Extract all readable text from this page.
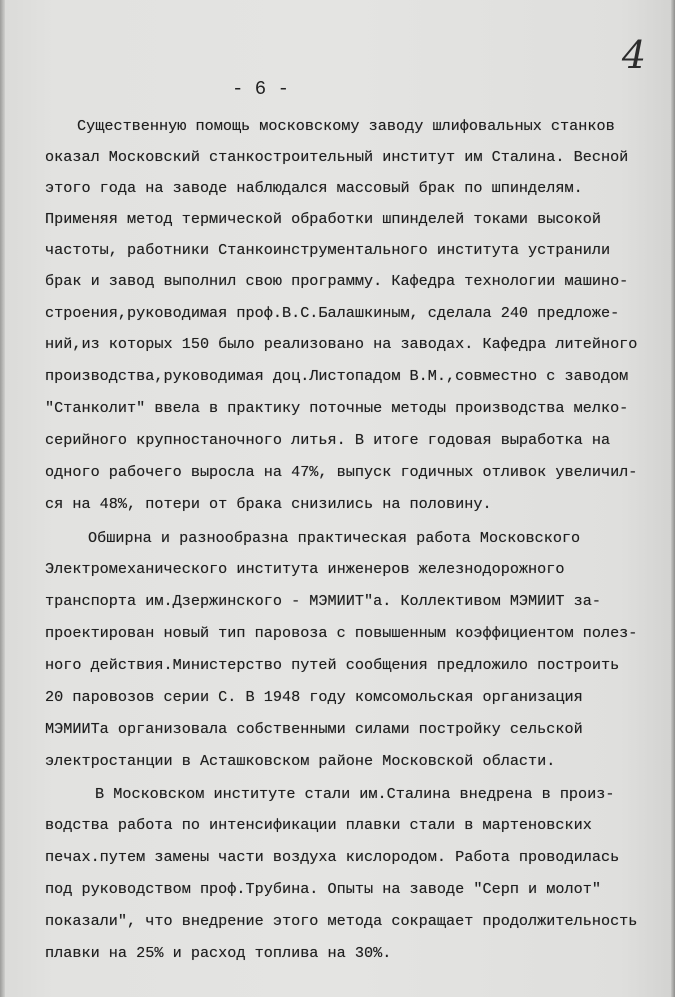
4
- 6 -
Существенную помощь московскому заводу шлифовальных станков
оказал Московский станкостроительный институт им Сталина. Весной
этого года на заводе наблюдался массовый брак по шпинделям.
Применяя метод термической обработки шпинделей токами высокой
частоты, работники Станкоинструментального института устранили
брак и завод выполнил свою программу. Кафедра технологии машино-
строения,руководимая проф.В.С.Балашкиным, сделала 240 предложе-
ний,из которых 150 было реализовано на заводах. Кафедра литейного
производства,руководимая доц.Листопадом В.М.,совместно с заводом
"Станколит" ввела в практику поточные методы производства мелко-
серийного крупностаночного литья. В итоге годовая выработка на
одного рабочего выросла на 47%, выпуск годичных отливок увеличил-
ся на 48%, потери от брака снизились на половину.
Обширна и разнообразна практическая работа Московского
Электромеханического института инженеров железнодорожного
транспорта им.Дзержинского - МЭМИИТ"а. Коллективом МЭМИИТ за-
проектирован новый тип паровоза с повышенным коэффициентом полез-
ного действия.Министерство путей сообщения предложило построить
20 паровозов серии С. В 1948 году комсомольская организация
МЭМИИТа организовала собственными силами постройку сельской
электростанции в Асташковском районе Московской области.
В Московском институте стали им.Сталина внедрена в произ-
водства работа по интенсификации плавки стали в мартеновских
печах.путем замены части воздуха кислородом. Работа проводилась
под руководством проф.Трубина. Опыты на заводе "Серп и молот"
показали", что внедрение этого метода сокращает продолжительность
плавки на 25% и расход топлива на 30%.
